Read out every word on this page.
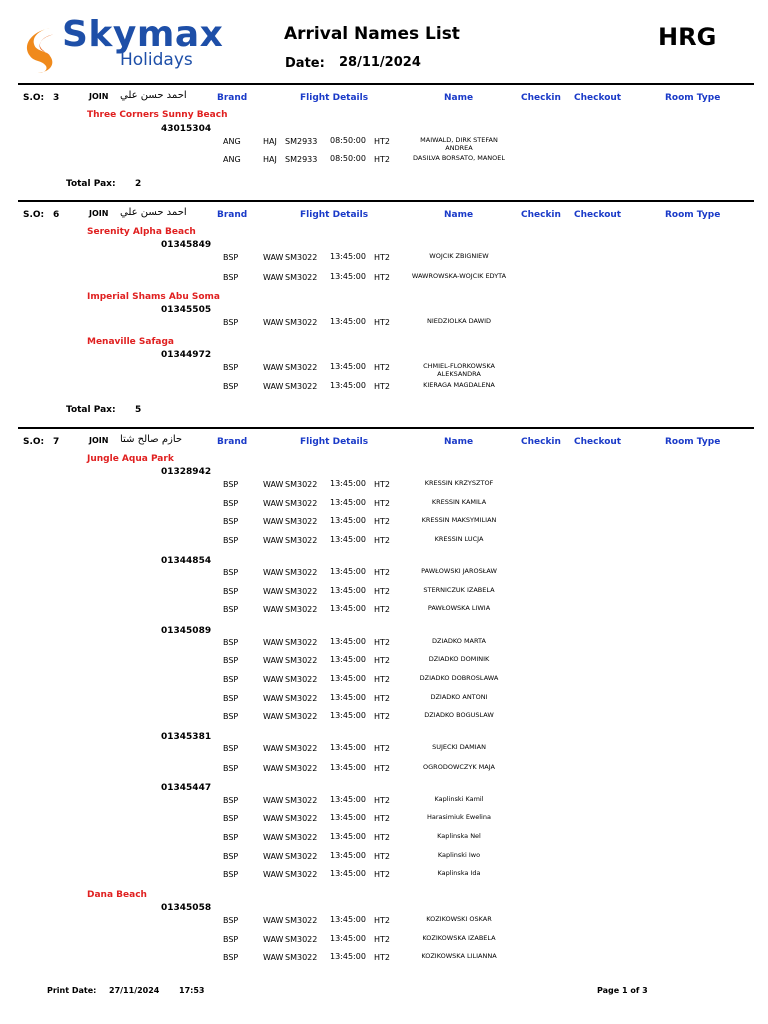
Skymax
Holidays
Arrival Names List
Date: 28/11/2024
HRG
S.O: 3	JOIN احمد حسن علي	Brand	Flight Details	Name	Checkin Checkout	Room Type
Three Corners Sunny Beach
43015304
ANG	HAJ SM2933 08:50:00 HT2	MAIWALD, DIRK STEFAN ANDREA
ANG	HAJ SM2933 08:50:00 HT2	DASILVA BORSATO, MANOEL
Total Pax: 2
S.O: 6	JOIN احمد حسن علي	Brand	Flight Details	Name	Checkin Checkout	Room Type
Serenity Alpha Beach
01345849
BSP	WAW SM3022 13:45:00 HT2	WOJCIK ZBIGNIEW
BSP	WAW SM3022 13:45:00 HT2	WAWROWSKA-WOJCIK EDYTA
Imperial Shams Abu Soma
01345505
BSP	WAW SM3022 13:45:00 HT2	NIEDZIOLKA DAWID
Menaville Safaga
01344972
BSP	WAW SM3022 13:45:00 HT2	CHMIEL-FLORKOWSKA ALEKSANDRA
BSP	WAW SM3022 13:45:00 HT2	KIERAGA MAGDALENA
Total Pax: 5
S.O: 7	JOIN حازم صالح شتا	Brand	Flight Details	Name	Checkin Checkout	Room Type
Jungle Aqua Park
01328942
BSP	WAW SM3022 13:45:00 HT2	KRESSIN KRZYSZTOF
BSP	WAW SM3022 13:45:00 HT2	KRESSIN KAMILA
BSP	WAW SM3022 13:45:00 HT2	KRESSIN MAKSYMILIAN
BSP	WAW SM3022 13:45:00 HT2	KRESSIN LUCJA
01344854
BSP	WAW SM3022 13:45:00 HT2	PAWŁOWSKI JAROSŁAW
BSP	WAW SM3022 13:45:00 HT2	STERNICZUK IZABELA
BSP	WAW SM3022 13:45:00 HT2	PAWŁOWSKA LIWIA
01345089
BSP	WAW SM3022 13:45:00 HT2	DZIADKO MARTA
BSP	WAW SM3022 13:45:00 HT2	DZIADKO DOMINIK
BSP	WAW SM3022 13:45:00 HT2	DZIADKO DOBROSLAWA
BSP	WAW SM3022 13:45:00 HT2	DZIADKO ANTONI
BSP	WAW SM3022 13:45:00 HT2	DZIADKO BOGUSLAW
01345381
BSP	WAW SM3022 13:45:00 HT2	SUJECKI DAMIAN
BSP	WAW SM3022 13:45:00 HT2	OGRODOWCZYK MAJA
01345447
BSP	WAW SM3022 13:45:00 HT2	Kaplinski Kamil
BSP	WAW SM3022 13:45:00 HT2	Harasimiuk Ewelina
BSP	WAW SM3022 13:45:00 HT2	Kaplinska Nel
BSP	WAW SM3022 13:45:00 HT2	Kaplinski Iwo
BSP	WAW SM3022 13:45:00 HT2	Kaplinska Ida
Dana Beach
01345058
BSP	WAW SM3022 13:45:00 HT2	KOZIKOWSKI OSKAR
BSP	WAW SM3022 13:45:00 HT2	KOZIKOWSKA IZABELA
BSP	WAW SM3022 13:45:00 HT2	KOZIKOWSKA LILIANNA
Print Date: 27/11/2024 17:53	Page 1 of 3
